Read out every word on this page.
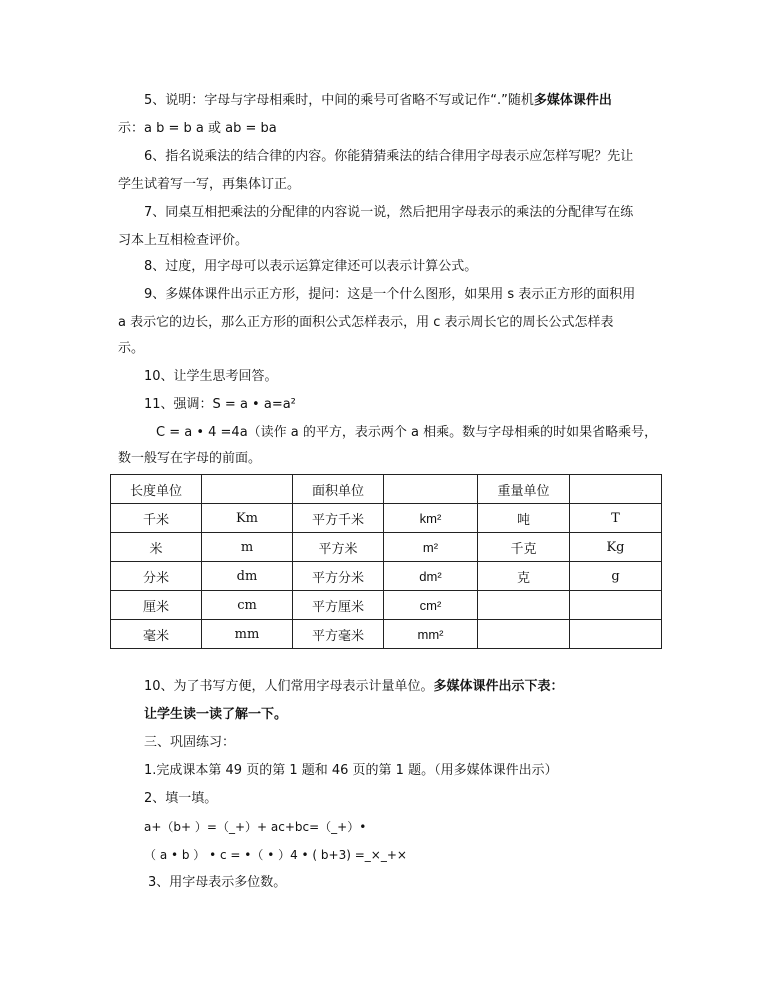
5、说明：字母与字母相乘时，中间的乘号可省略不写或记作“.”随机多媒体课件出
示：a b = b a 或 ab = ba
6、指名说乘法的结合律的内容。你能猜猜乘法的结合律用字母表示应怎样写呢？先让
学生试着写一写，再集体订正。
7、同桌互相把乘法的分配律的内容说一说，然后把用字母表示的乘法的分配律写在练
习本上互相检查评价。
8、过度，用字母可以表示运算定律还可以表示计算公式。
9、多媒体课件出示正方形，提问：这是一个什么图形，如果用 s 表示正方形的面积用
a 表示它的边长，那么正方形的面积公式怎样表示，用 c 表示周长它的周长公式怎样表
示。
10、让学生思考回答。
11、强调：S = a • a=a²
C = a • 4 =4a（读作 a 的平方，表示两个 a 相乘。数与字母相乘的时如果省略乘号，
数一般写在字母的前面。
长度单位		面积单位		重量单位	
千米	Km	平方千米	km²	吨	T
米	m	平方米	m²	千克	Kg
分米	dm	平方分米	dm²	克	g
厘米	cm	平方厘米	cm²		
毫米	mm	平方毫米	mm²		
10、为了书写方便，人们常用字母表示计量单位。多媒体课件出示下表：
让学生读一读了解一下。
三、巩固练习：
1.完成课本第 49 页的第 1 题和 46 页的第 1 题。（用多媒体课件出示）
2、填一填。
a+（b+ ）=（_+）+ ac+bc=（_+）•
（ a • b ） • c = •（ • ）4 • ( b+3) =_×_+×
3、用字母表示多位数。
